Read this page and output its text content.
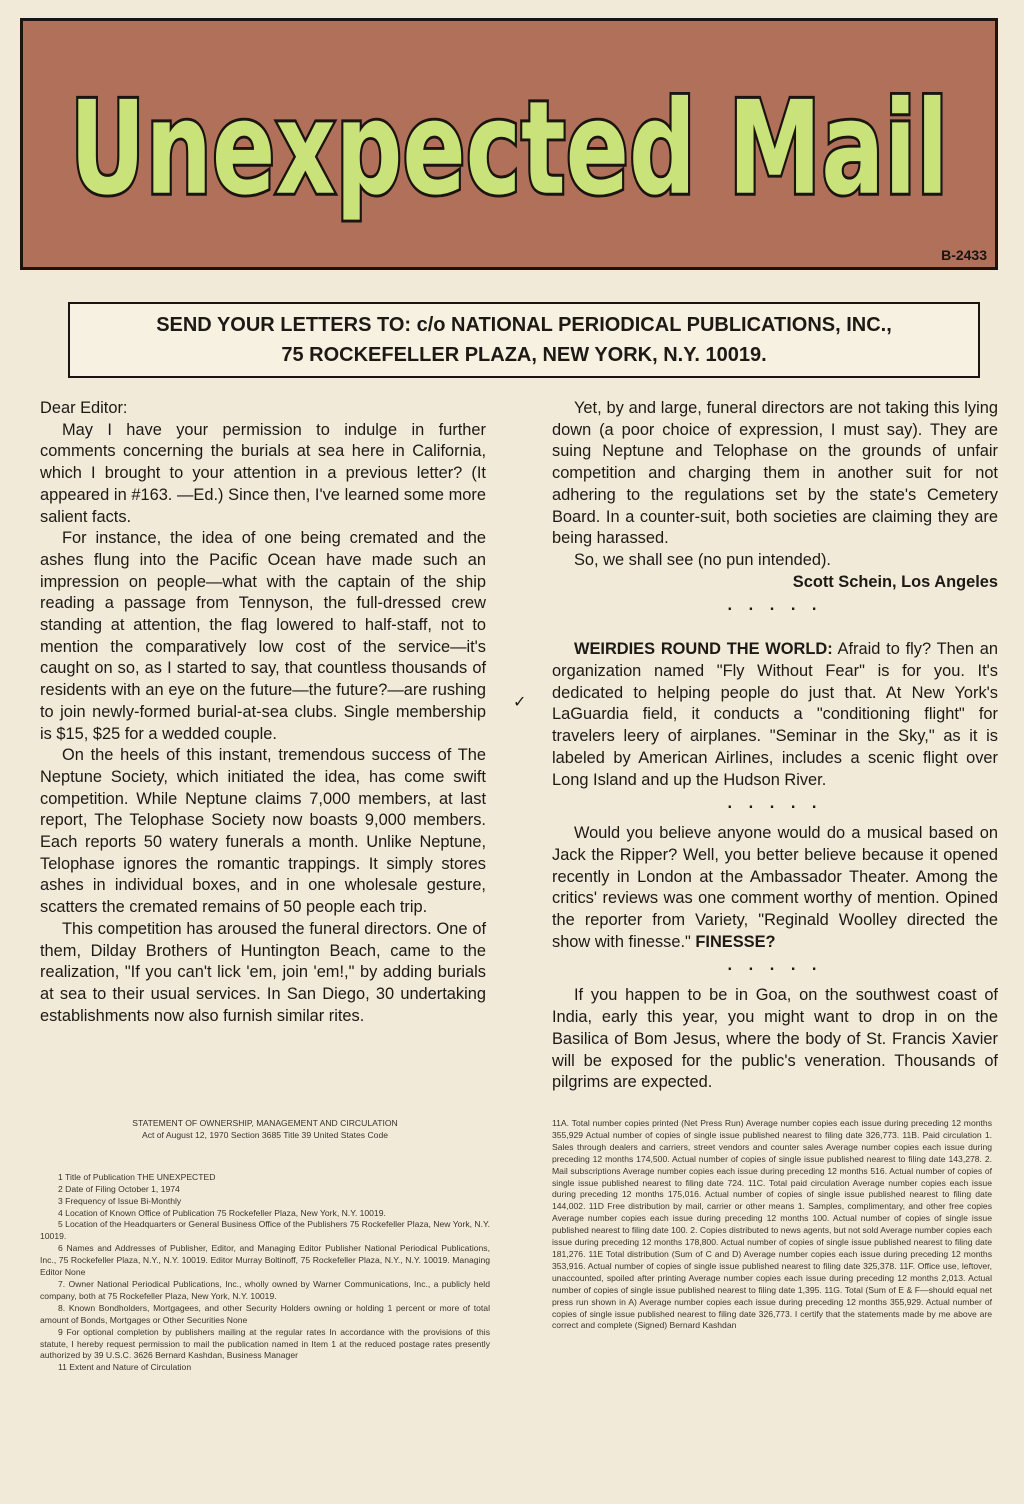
Unexpected Mail
B-2433
SEND YOUR LETTERS TO: c/o NATIONAL PERIODICAL PUBLICATIONS, INC.,
75 ROCKEFELLER PLAZA, NEW YORK, N.Y. 10019.

Dear Editor:

May I have your permission to indulge in further comments concerning the burials at sea here in California, which I brought to your attention in a previous letter? (It appeared in #163. —Ed.) Since then, I've learned some more salient facts.

For instance, the idea of one being cremated and the ashes flung into the Pacific Ocean have made such an impression on people—what with the captain of the ship reading a passage from Tennyson, the full-dressed crew standing at attention, the flag lowered to half-staff, not to mention the comparatively low cost of the service—it's caught on so, as I started to say, that countless thousands of residents with an eye on the future—the future?—are rushing to join newly-formed burial-at-sea clubs. Single membership is $15, $25 for a wedded couple.

On the heels of this instant, tremendous success of The Neptune Society, which initiated the idea, has come swift competition. While Neptune claims 7,000 members, at last report, The Telophase Society now boasts 9,000 members. Each reports 50 watery funerals a month. Unlike Neptune, Telophase ignores the romantic trappings. It simply stores ashes in individual boxes, and in one wholesale gesture, scatters the cremated remains of 50 people each trip.

This competition has aroused the funeral directors. One of them, Dilday Brothers of Huntington Beach, came to the realization, "If you can't lick 'em, join 'em!," by adding burials at sea to their usual services. In San Diego, 30 undertaking establishments now also furnish similar rites.

✓

Yet, by and large, funeral directors are not taking this lying down (a poor choice of expression, I must say). They are suing Neptune and Telophase on the grounds of unfair competition and charging them in another suit for not adhering to the regulations set by the state's Cemetery Board. In a counter-suit, both societies are claiming they are being harassed.

So, we shall see (no pun intended).

Scott Schein, Los Angeles

. . . . .

WEIRDIES ROUND THE WORLD: Afraid to fly? Then an organization named "Fly Without Fear" is for you. It's dedicated to helping people do just that. At New York's LaGuardia field, it conducts a "conditioning flight" for travelers leery of airplanes. "Seminar in the Sky," as it is labeled by American Airlines, includes a scenic flight over Long Island and up the Hudson River.

. . . . .

Would you believe anyone would do a musical based on Jack the Ripper? Well, you better believe because it opened recently in London at the Ambassador Theater. Among the critics' reviews was one comment worthy of mention. Opined the reporter from Variety, "Reginald Woolley directed the show with finesse." FINESSE?

. . . . .

If you happen to be in Goa, on the southwest coast of India, early this year, you might want to drop in on the Basilica of Bom Jesus, where the body of St. Francis Xavier will be exposed for the public's veneration. Thousands of pilgrims are expected.

STATEMENT OF OWNERSHIP, MANAGEMENT AND CIRCULATION

Act of August 12, 1970 Section 3685 Title 39 United States Code

1 Title of Publication THE UNEXPECTED

2 Date of Filing October 1, 1974

3 Frequency of Issue Bi-Monthly

4 Location of Known Office of Publication 75 Rockefeller Plaza, New York, N.Y. 10019.

5 Location of the Headquarters or General Business Office of the Publishers 75 Rockefeller Plaza, New York, N.Y. 10019.

6 Names and Addresses of Publisher, Editor, and Managing Editor Publisher National Periodical Publications, Inc., 75 Rockefeller Plaza, N.Y., N.Y. 10019. Editor Murray Boltinoff, 75 Rockefeller Plaza, N.Y., N.Y. 10019. Managing Editor None

7. Owner National Periodical Publications, Inc., wholly owned by Warner Communications, Inc., a publicly held company, both at 75 Rockefeller Plaza, New York, N.Y. 10019.

8. Known Bondholders, Mortgagees, and other Security Holders owning or holding 1 percent or more of total amount of Bonds, Mortgages or Other Securities None

9 For optional completion by publishers mailing at the regular rates In accordance with the provisions of this statute, I hereby request permission to mail the publication named in Item 1 at the reduced postage rates presently authorized by 39 U.S.C. 3626 Bernard Kashdan, Business Manager

11 Extent and Nature of Circulation

11A. Total number copies printed (Net Press Run) Average number copies each issue during preceding 12 months 355,929 Actual number of copies of single issue published nearest to filing date 326,773. 11B. Paid circulation 1. Sales through dealers and carriers, street vendors and counter sales Average number copies each issue during preceding 12 months 174,500. Actual number of copies of single issue published nearest to filing date 143,278. 2. Mail subscriptions Average number copies each issue during preceding 12 months 516. Actual number of copies of single issue published nearest to filing date 724. 11C. Total paid circulation Average number copies each issue during preceding 12 months 175,016. Actual number of copies of single issue published nearest to filing date 144,002. 11D Free distribution by mail, carrier or other means 1. Samples, complimentary, and other free copies Average number copies each issue during preceding 12 months 100. Actual number of copies of single issue published nearest to filing date 100. 2. Copies distributed to news agents, but not sold Average number copies each issue during preceding 12 months 178,800. Actual number of copies of single issue published nearest to filing date 181,276. 11E Total distribution (Sum of C and D) Average number copies each issue during preceding 12 months 353,916. Actual number of copies of single issue published nearest to filing date 325,378. 11F. Office use, leftover, unaccounted, spoiled after printing Average number copies each issue during preceding 12 months 2,013. Actual number of copies of single issue published nearest to filing date 1,395. 11G. Total (Sum of E & F—should equal net press run shown in A) Average number copies each issue during preceding 12 months 355,929. Actual number of copies of single issue published nearest to filing date 326,773. I certify that the statements made by me above are correct and complete (Signed) Bernard Kashdan
